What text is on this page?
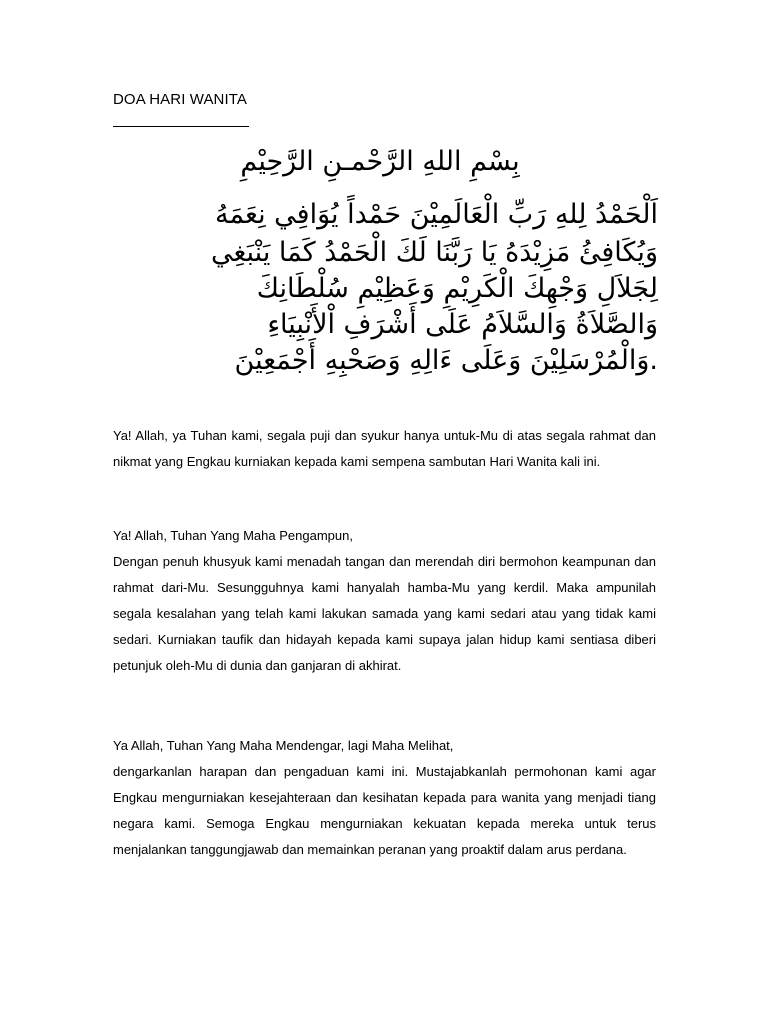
DOA HARI WANITA
بِسْمِ اللهِ الرَّحْمـنِ الرَّحِيْمِ
اَلْحَمْدُ لِلهِ رَبِّ الْعَالَمِيْنَ حَمْداً يُوَافِي نِعَمَهُ
وَيُكَافِئُ مَزِيْدَهُ يَا رَبَّنَا لَكَ الْحَمْدُ كَمَا يَنْبَغِي
لِجَلاَلِ وَجْهِكَ الْكَرِيْمِ وَعَظِيْمِ سُلْطَانِكَ
وَالصَّلاَةُ وَالسَّلاَمُ عَلَى أَشْرَفِ اْلأَنْبِيَاءِ
.وَالْمُرْسَلِيْنَ وَعَلَى ءَالِهِ وَصَحْبِهِ أَجْمَعِيْنَ

Ya! Allah, ya Tuhan kami, segala puji dan syukur hanya untuk-Mu di atas segala rahmat dan nikmat yang Engkau kurniakan kepada kami sempena sambutan Hari Wanita kali ini.

Ya! Allah, Tuhan Yang Maha Pengampun,

Dengan penuh khusyuk kami menadah tangan dan merendah diri bermohon keampunan dan rahmat dari-Mu. Sesungguhnya kami hanyalah hamba-Mu yang kerdil. Maka ampunilah segala kesalahan yang telah kami lakukan samada yang kami sedari atau yang tidak kami sedari. Kurniakan taufik dan hidayah kepada kami supaya jalan hidup kami sentiasa diberi petunjuk oleh-Mu di dunia dan ganjaran di akhirat.

Ya Allah, Tuhan Yang Maha Mendengar, lagi Maha Melihat,

dengarkanlan harapan dan pengaduan kami ini. Mustajabkanlah permohonan kami agar Engkau mengurniakan kesejahteraan dan kesihatan kepada para wanita yang menjadi tiang negara kami. Semoga Engkau mengurniakan kekuatan kepada mereka untuk terus menjalankan tanggungjawab dan memainkan peranan yang proaktif dalam arus perdana.
